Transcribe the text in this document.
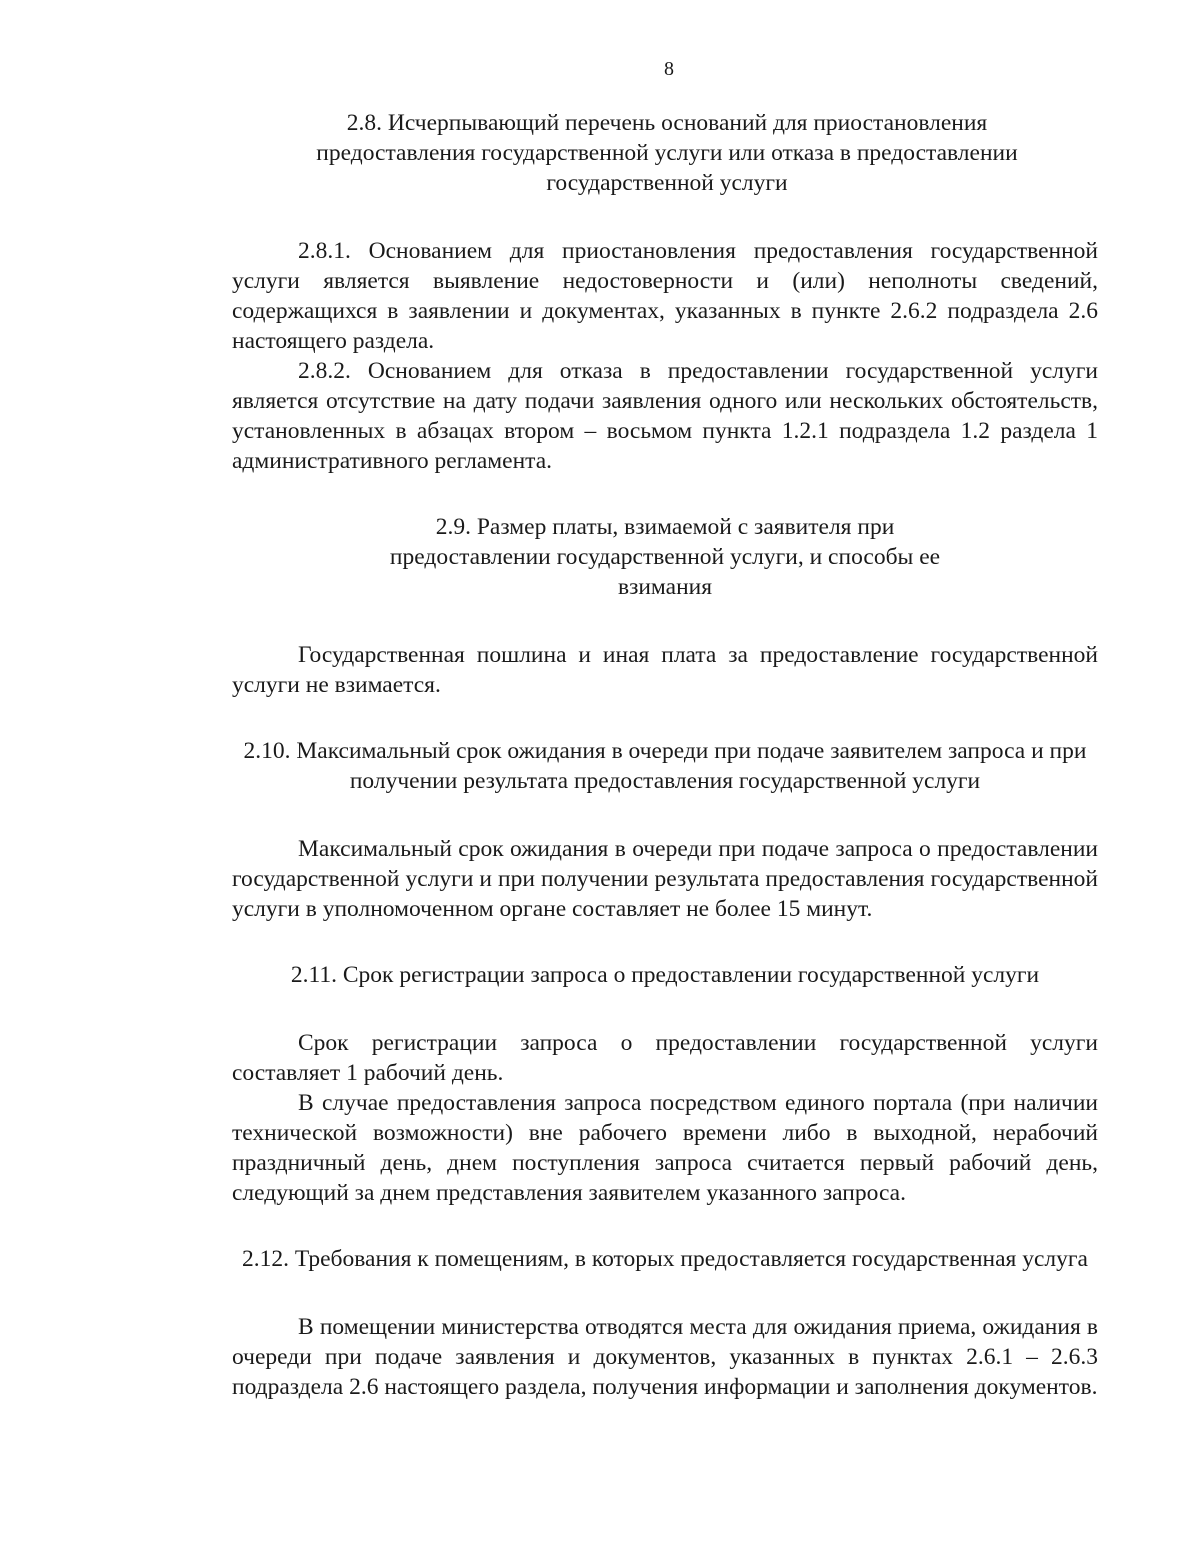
8

2.8. Исчерпывающий перечень оснований для приостановления предоставления государственной услуги или отказа в предоставлении государственной услуги

2.8.1. Основанием для приостановления предоставления государственной услуги является выявление недостоверности и (или) неполноты сведений, содержащихся в заявлении и документах, указанных в пункте 2.6.2 подраздела 2.6 настоящего раздела.

2.8.2. Основанием для отказа в предоставлении государственной услуги является отсутствие на дату подачи заявления одного или нескольких обстоятельств, установленных в абзацах втором – восьмом пункта 1.2.1 подраздела 1.2 раздела 1 административного регламента.

2.9. Размер платы, взимаемой с заявителя при предоставлении государственной услуги, и способы ее взимания

Государственная пошлина и иная плата за предоставление государственной услуги не взимается.

2.10. Максимальный срок ожидания в очереди при подаче заявителем запроса и при получении результата предоставления государственной услуги

Максимальный срок ожидания в очереди при подаче запроса о предоставлении государственной услуги и при получении результата предоставления государственной услуги в уполномоченном органе составляет не более 15 минут.

2.11. Срок регистрации запроса о предоставлении государственной услуги

Срок регистрации запроса о предоставлении государственной услуги составляет 1 рабочий день.

В случае предоставления запроса посредством единого портала (при наличии технической возможности) вне рабочего времени либо в выходной, нерабочий праздничный день, днем поступления запроса считается первый рабочий день, следующий за днем представления заявителем указанного запроса.

2.12. Требования к помещениям, в которых предоставляется государственная услуга

В помещении министерства отводятся места для ожидания приема, ожидания в очереди при подаче заявления и документов, указанных в пунктах 2.6.1 – 2.6.3 подраздела 2.6 настоящего раздела, получения информации и заполнения документов.
